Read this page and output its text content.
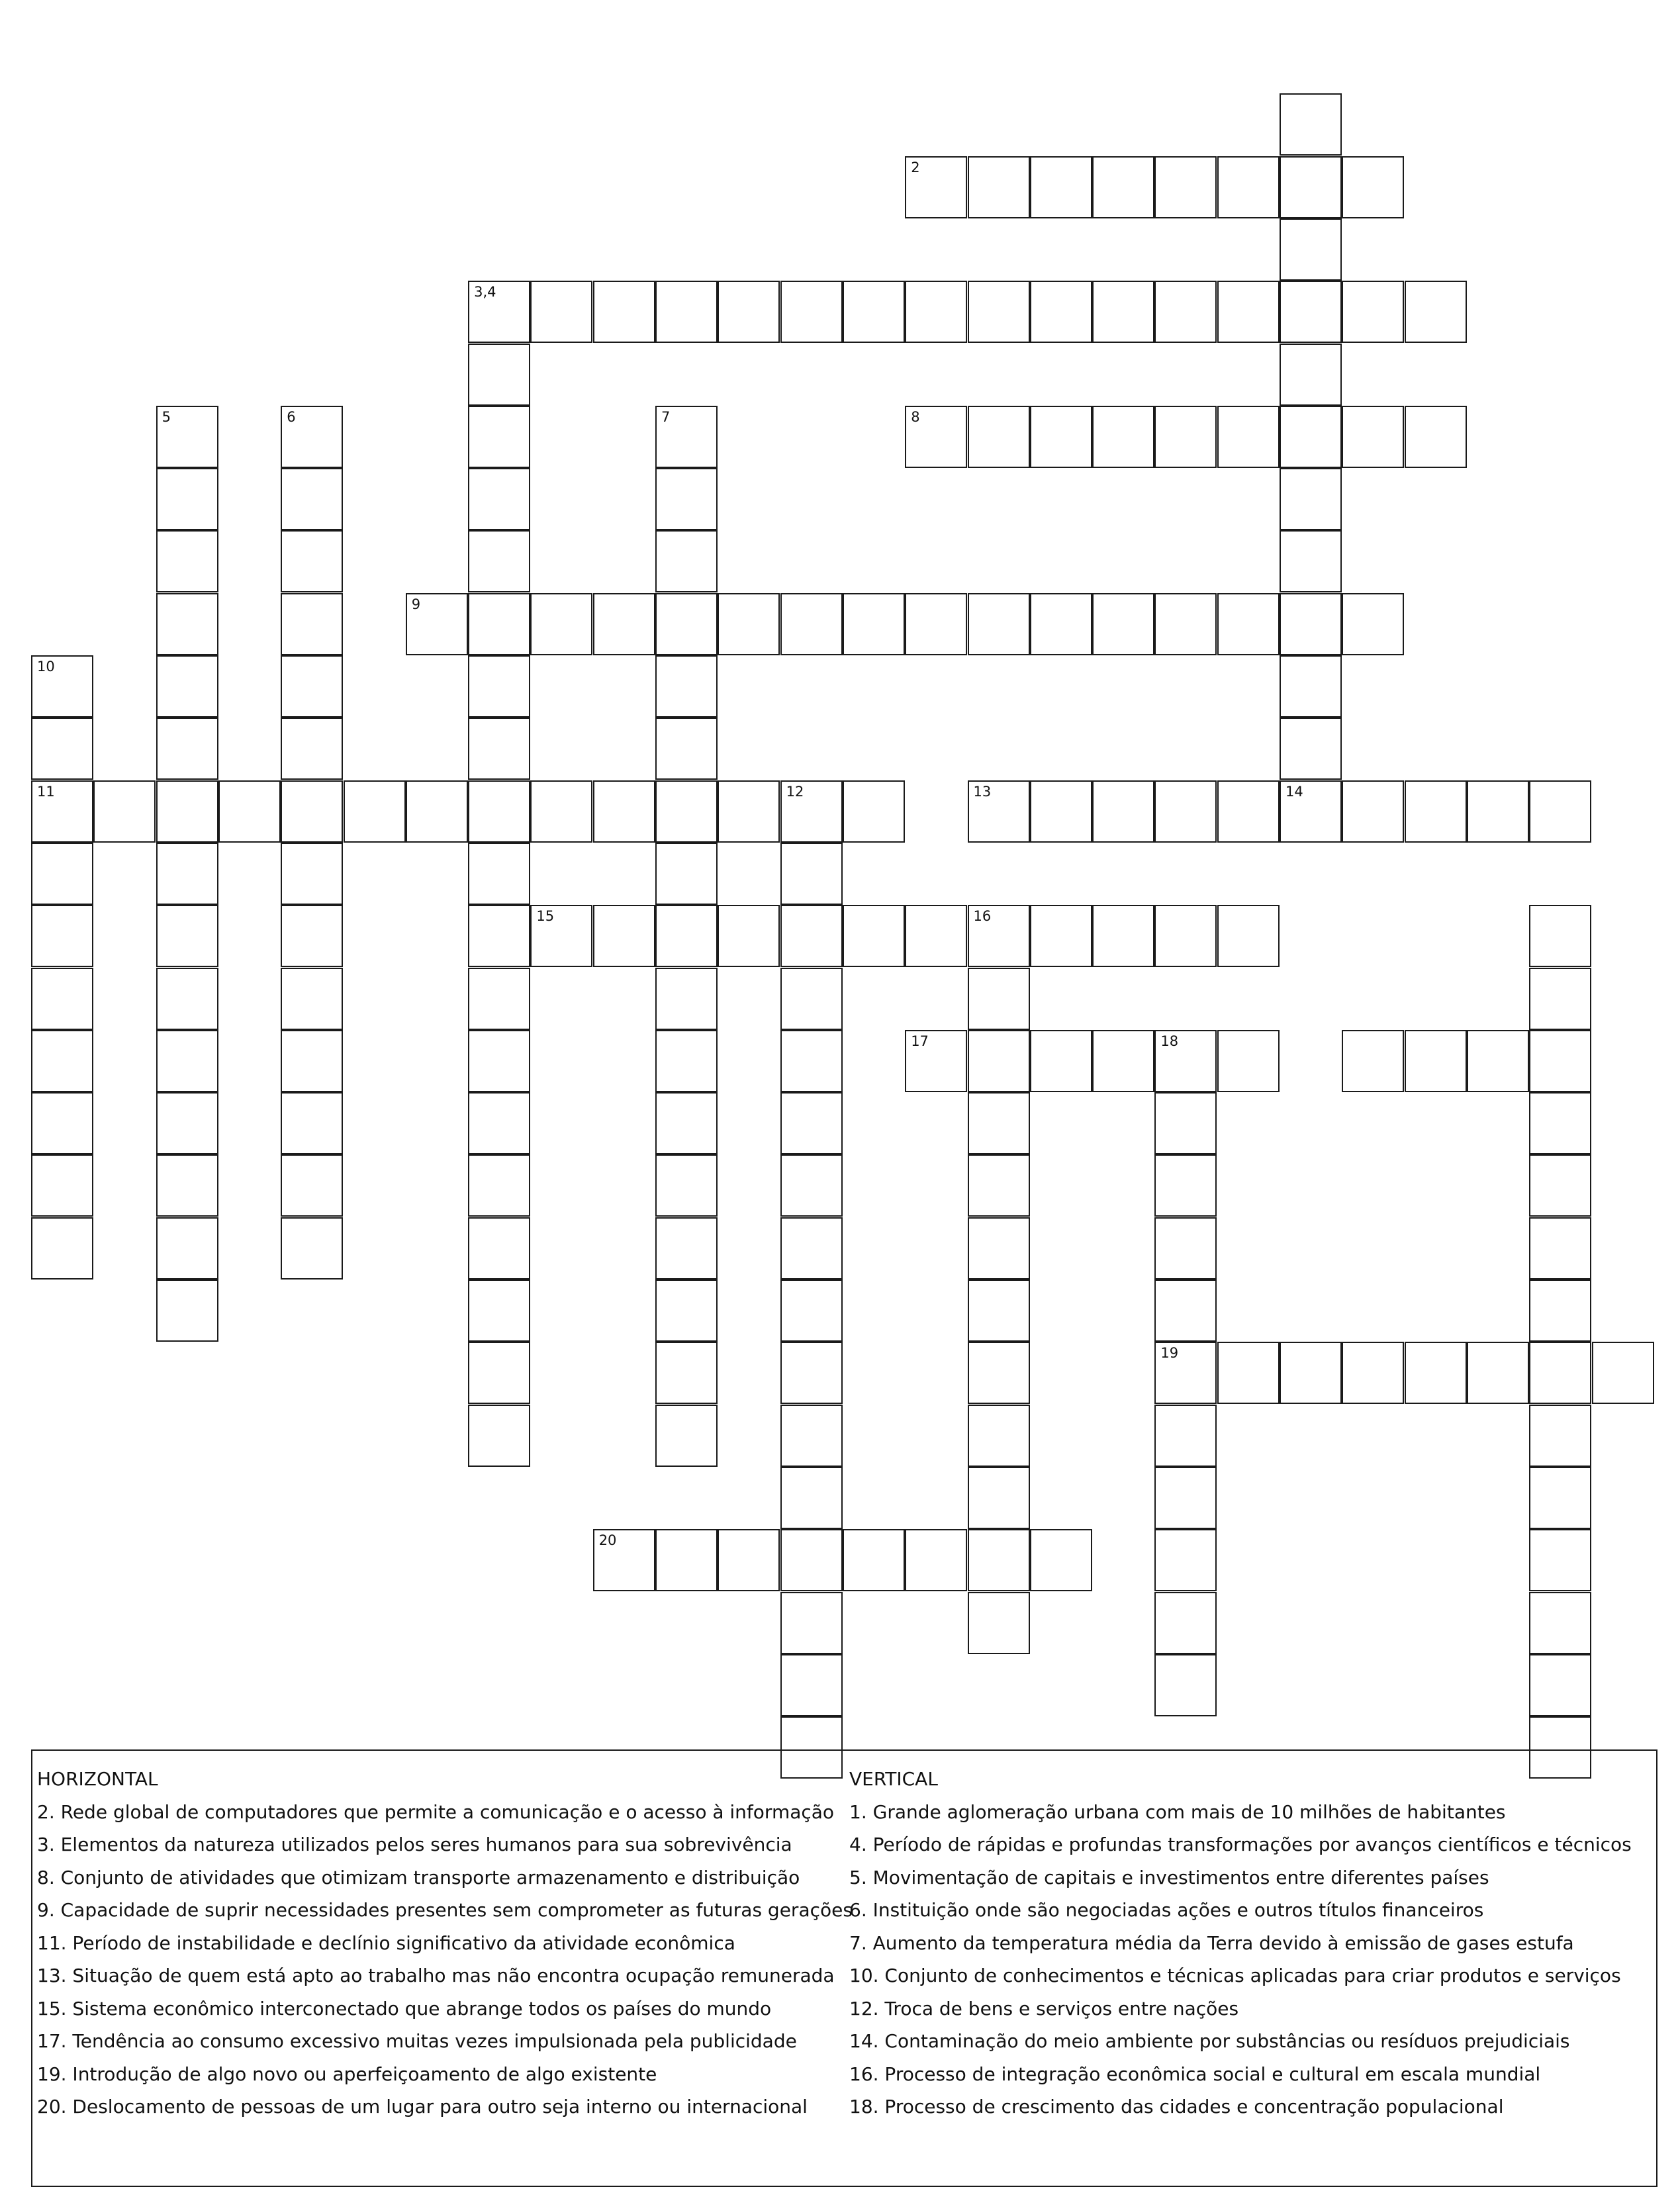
2
3,4
8
5	6	7
9
10
11	12	13	14
15	16
17	18
19
20
HORIZONTAL
2. Rede global de computadores que permite a comunicação e o acesso à informação
3. Elementos da natureza utilizados pelos seres humanos para sua sobrevivência
8. Conjunto de atividades que otimizam transporte armazenamento e distribuição
9. Capacidade de suprir necessidades presentes sem comprometer as futuras gerações
11. Período de instabilidade e declínio significativo da atividade econômica
13. Situação de quem está apto ao trabalho mas não encontra ocupação remunerada
15. Sistema econômico interconectado que abrange todos os países do mundo
17. Tendência ao consumo excessivo muitas vezes impulsionada pela publicidade
19. Introdução de algo novo ou aperfeiçoamento de algo existente
20. Deslocamento de pessoas de um lugar para outro seja interno ou internacional
VERTICAL
1. Grande aglomeração urbana com mais de 10 milhões de habitantes
4. Período de rápidas e profundas transformações por avanços científicos e técnicos
5. Movimentação de capitais e investimentos entre diferentes países
6. Instituição onde são negociadas ações e outros títulos financeiros
7. Aumento da temperatura média da Terra devido à emissão de gases estufa
10. Conjunto de conhecimentos e técnicas aplicadas para criar produtos e serviços
12. Troca de bens e serviços entre nações
14. Contaminação do meio ambiente por substâncias ou resíduos prejudiciais
16. Processo de integração econômica social e cultural em escala mundial
18. Processo de crescimento das cidades e concentração populacional
